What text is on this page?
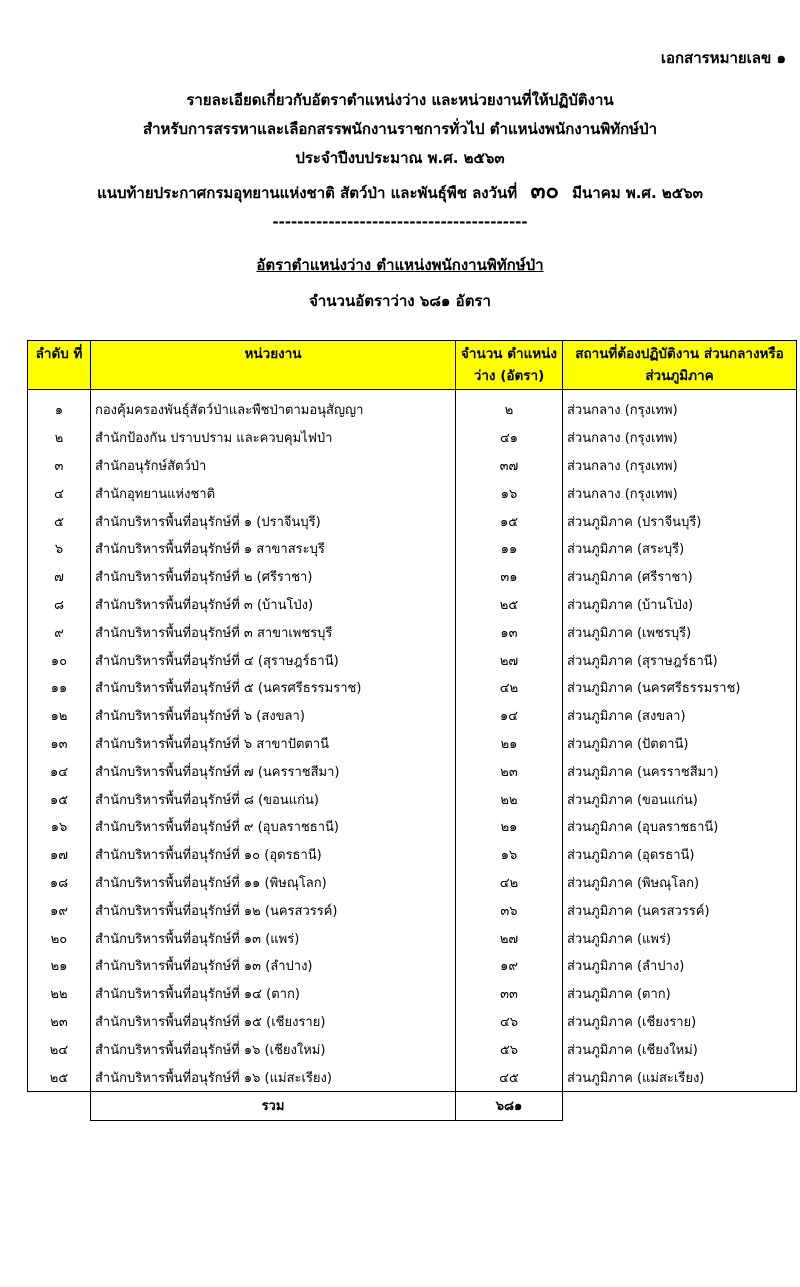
เอกสารหมายเลข ๑
รายละเอียดเกี่ยวกับอัตราตำแหน่งว่าง และหน่วยงานที่ให้ปฏิบัติงาน
สำหรับการสรรหาและเลือกสรรพนักงานราชการทั่วไป ตำแหน่งพนักงานพิทักษ์ป่า
ประจำปีงบประมาณ พ.ศ. ๒๕๖๓
แนบท้ายประกาศกรมอุทยานแห่งชาติ สัตว์ป่า และพันธุ์พืช ลงวันที่ ๓๐ มีนาคม พ.ศ. ๒๕๖๓
-----------------------------------------
อัตราตำแหน่งว่าง ตำแหน่งพนักงานพิทักษ์ป่า
จำนวนอัตราว่าง ๖๘๑ อัตรา
ลำดับ ที่	หน่วยงาน	จำนวน ตำแหน่งว่าง (อัตรา)	สถานที่ต้องปฏิบัติงาน ส่วนกลางหรือส่วนภูมิภาค
๑	กองคุ้มครองพันธุ์สัตว์ป่าและพืชป่าตามอนุสัญญา	๒	ส่วนกลาง (กรุงเทพ)
๒	สำนักป้องกัน ปราบปราม และควบคุมไฟป่า	๔๑	ส่วนกลาง (กรุงเทพ)
๓	สำนักอนุรักษ์สัตว์ป่า	๓๗	ส่วนกลาง (กรุงเทพ)
๔	สำนักอุทยานแห่งชาติ	๑๖	ส่วนกลาง (กรุงเทพ)
๕	สำนักบริหารพื้นที่อนุรักษ์ที่ ๑ (ปราจีนบุรี)	๑๕	ส่วนภูมิภาค (ปราจีนบุรี)
๖	สำนักบริหารพื้นที่อนุรักษ์ที่ ๑ สาขาสระบุรี	๑๑	ส่วนภูมิภาค (สระบุรี)
๗	สำนักบริหารพื้นที่อนุรักษ์ที่ ๒ (ศรีราชา)	๓๑	ส่วนภูมิภาค (ศรีราชา)
๘	สำนักบริหารพื้นที่อนุรักษ์ที่ ๓ (บ้านโป่ง)	๒๕	ส่วนภูมิภาค (บ้านโป่ง)
๙	สำนักบริหารพื้นที่อนุรักษ์ที่ ๓ สาขาเพชรบุรี	๑๓	ส่วนภูมิภาค (เพชรบุรี)
๑๐	สำนักบริหารพื้นที่อนุรักษ์ที่ ๔ (สุราษฎร์ธานี)	๒๗	ส่วนภูมิภาค (สุราษฎร์ธานี)
๑๑	สำนักบริหารพื้นที่อนุรักษ์ที่ ๕ (นครศรีธรรมราช)	๔๒	ส่วนภูมิภาค (นครศรีธรรมราช)
๑๒	สำนักบริหารพื้นที่อนุรักษ์ที่ ๖ (สงขลา)	๑๔	ส่วนภูมิภาค (สงขลา)
๑๓	สำนักบริหารพื้นที่อนุรักษ์ที่ ๖ สาขาปัตตานี	๒๑	ส่วนภูมิภาค (ปัตตานี)
๑๔	สำนักบริหารพื้นที่อนุรักษ์ที่ ๗ (นครราชสีมา)	๒๓	ส่วนภูมิภาค (นครราชสีมา)
๑๕	สำนักบริหารพื้นที่อนุรักษ์ที่ ๘ (ขอนแก่น)	๒๒	ส่วนภูมิภาค (ขอนแก่น)
๑๖	สำนักบริหารพื้นที่อนุรักษ์ที่ ๙ (อุบลราชธานี)	๒๑	ส่วนภูมิภาค (อุบลราชธานี)
๑๗	สำนักบริหารพื้นที่อนุรักษ์ที่ ๑๐ (อุดรธานี)	๑๖	ส่วนภูมิภาค (อุดรธานี)
๑๘	สำนักบริหารพื้นที่อนุรักษ์ที่ ๑๑ (พิษณุโลก)	๔๒	ส่วนภูมิภาค (พิษณุโลก)
๑๙	สำนักบริหารพื้นที่อนุรักษ์ที่ ๑๒ (นครสวรรค์)	๓๖	ส่วนภูมิภาค (นครสวรรค์)
๒๐	สำนักบริหารพื้นที่อนุรักษ์ที่ ๑๓ (แพร่)	๒๗	ส่วนภูมิภาค (แพร่)
๒๑	สำนักบริหารพื้นที่อนุรักษ์ที่ ๑๓ (ลำปาง)	๑๙	ส่วนภูมิภาค (ลำปาง)
๒๒	สำนักบริหารพื้นที่อนุรักษ์ที่ ๑๔ (ตาก)	๓๓	ส่วนภูมิภาค (ตาก)
๒๓	สำนักบริหารพื้นที่อนุรักษ์ที่ ๑๕ (เชียงราย)	๔๖	ส่วนภูมิภาค (เชียงราย)
๒๔	สำนักบริหารพื้นที่อนุรักษ์ที่ ๑๖ (เชียงใหม่)	๕๖	ส่วนภูมิภาค (เชียงใหม่)
๒๕	สำนักบริหารพื้นที่อนุรักษ์ที่ ๑๖ (แม่สะเรียง)	๔๕	ส่วนภูมิภาค (แม่สะเรียง)
	รวม	๖๘๑	
